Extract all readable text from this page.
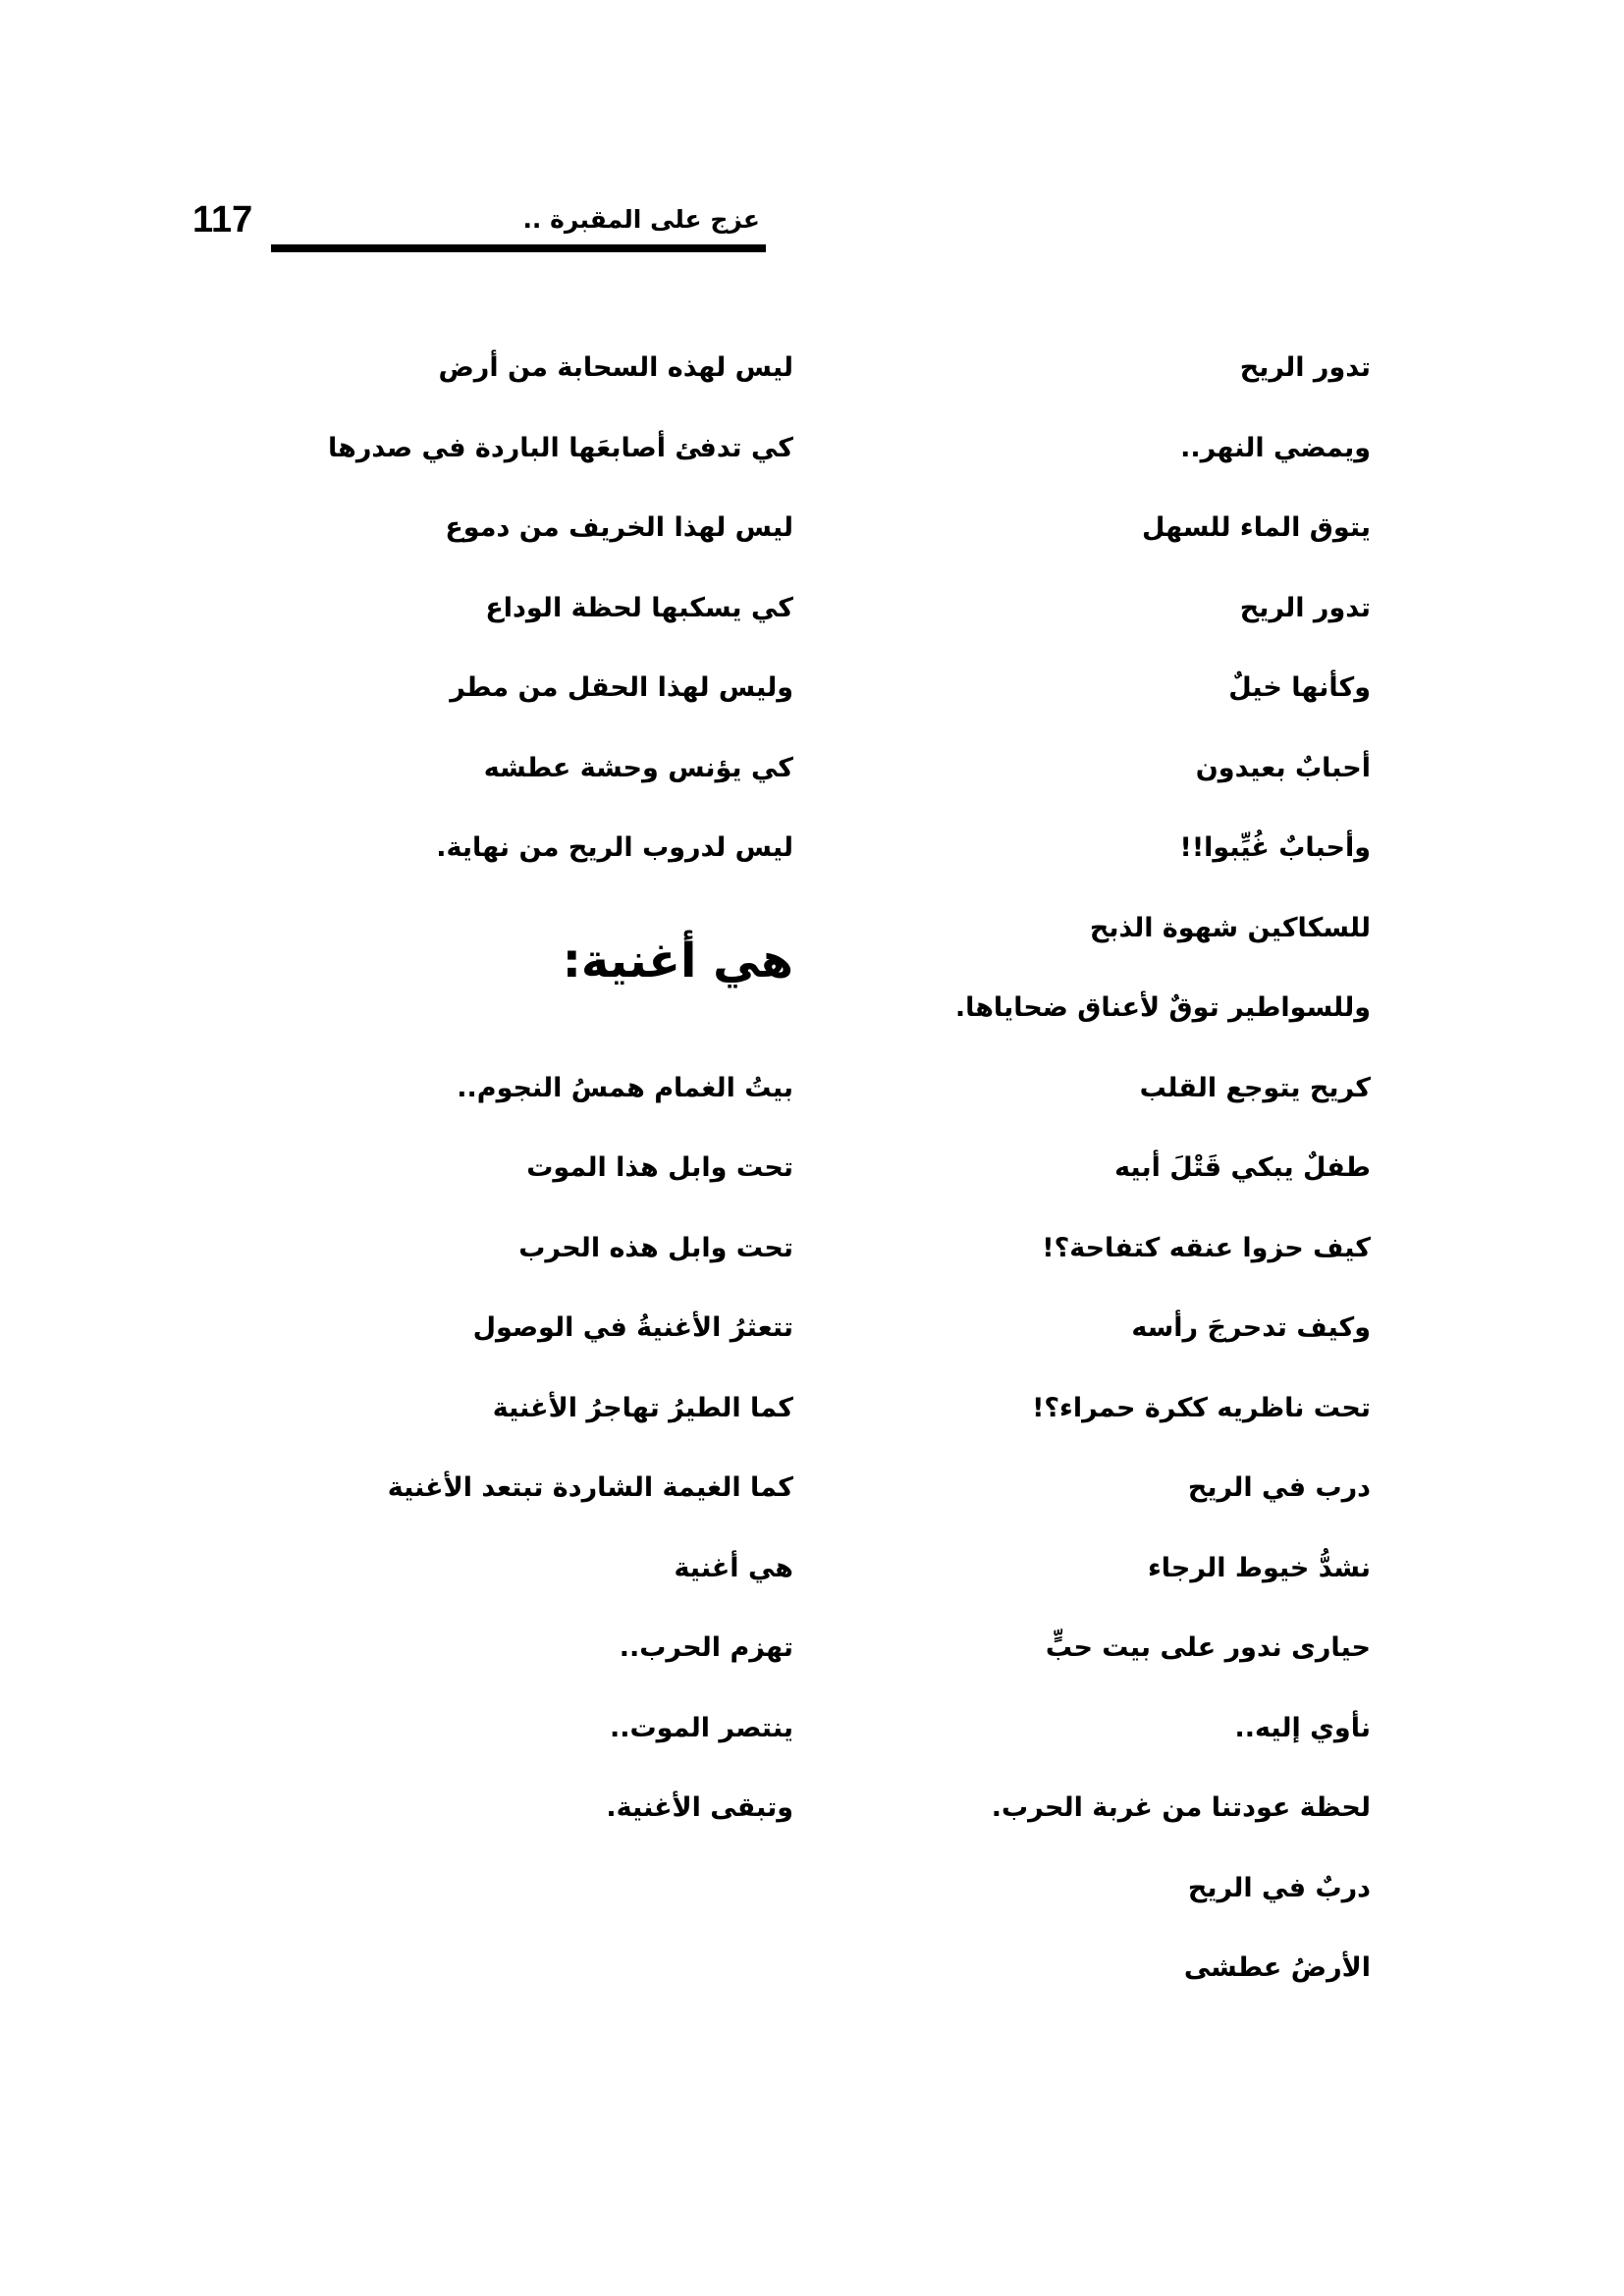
117	عزج على المقبرة ..
تدور الريح
ويمضي النهر..
يتوق الماء للسهل
تدور الريح
وكأنها خيلٌ
أحبابٌ بعيدون
وأحبابٌ غُيِّبوا!!
للسكاكين شهوة الذبح
وللسواطير توقٌ لأعناق ضحاياها.
كريح يتوجع القلب
طفلٌ يبكي قَتْلَ أبيه
كيف حزوا عنقه كتفاحة؟!
وكيف تدحرجَ رأسه
تحت ناظريه ككرة حمراء؟!
درب في الريح
نشدُّ خيوط الرجاء
حيارى ندور على بيت حبٍّ
نأوي إليه..
لحظة عودتنا من غربة الحرب.
دربٌ في الريح
الأرضُ عطشى
ليس لهذه السحابة من أرض
كي تدفئ أصابعَها الباردة في صدرها
ليس لهذا الخريف من دموع
كي يسكبها لحظة الوداع
وليس لهذا الحقل من مطر
كي يؤنس وحشة عطشه
ليس لدروب الريح من نهاية.
هي أغنية:
بيتُ الغمام همسُ النجوم..
تحت وابل هذا الموت
تحت وابل هذه الحرب
تتعثرُ الأغنيةُ في الوصول
كما الطيرُ تهاجرُ الأغنية
كما الغيمة الشاردة تبتعد الأغنية
هي أغنية
تهزم الحرب..
ينتصر الموت..
وتبقى الأغنية.
